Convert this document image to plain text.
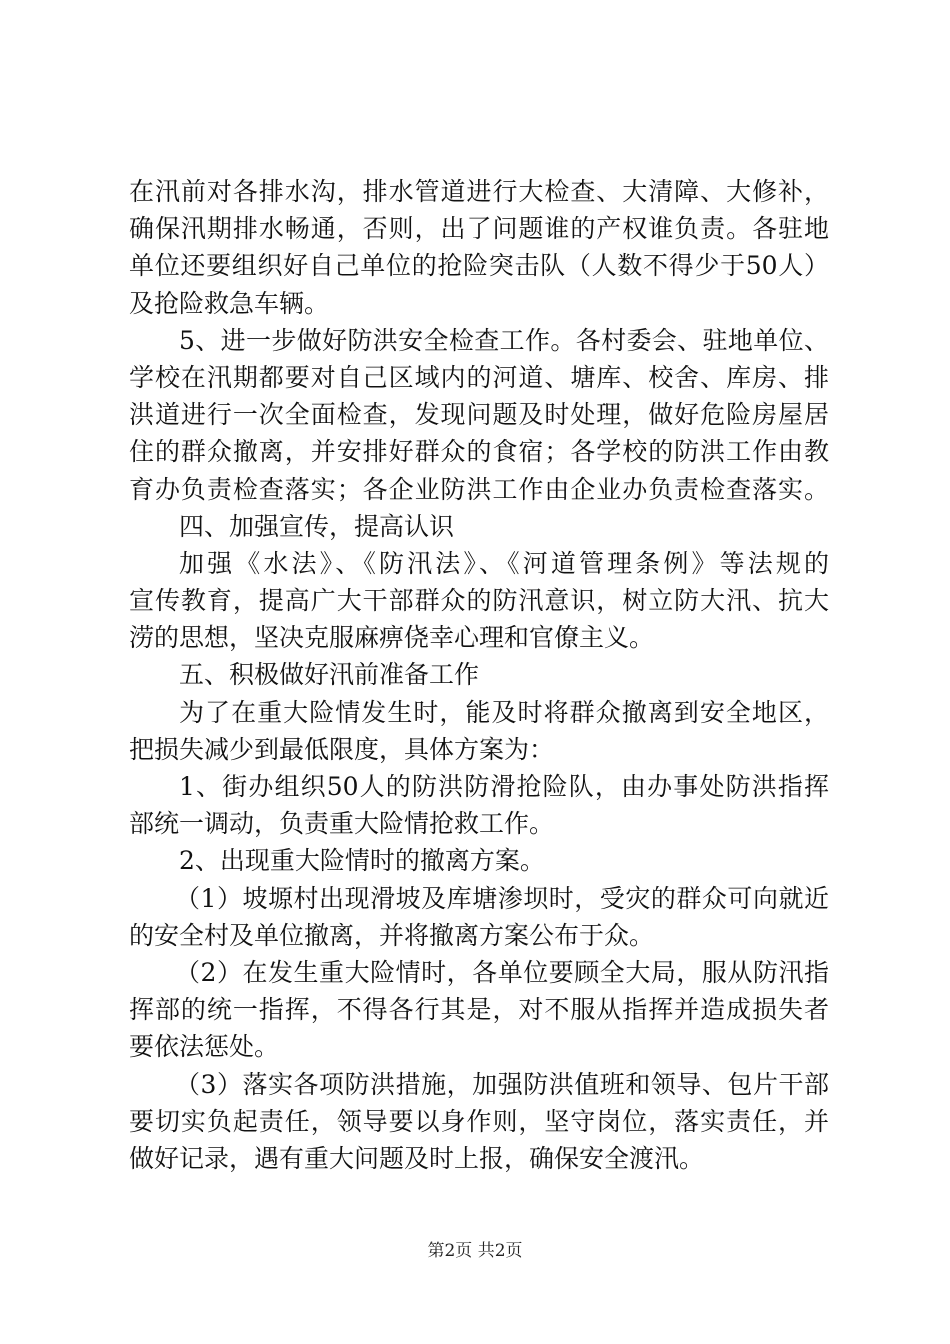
在汛前对各排水沟，排水管道进行大检查、大清障、大修补，
确保汛期排水畅通，否则，出了问题谁的产权谁负责。各驻地
单位还要组织好自己单位的抢险突击队（人数不得少于50人）
及抢险救急车辆。
5、进一步做好防洪安全检查工作。各村委会、驻地单位、
学校在汛期都要对自己区域内的河道、塘库、校舍、库房、排
洪道进行一次全面检查，发现问题及时处理，做好危险房屋居
住的群众撤离，并安排好群众的食宿；各学校的防洪工作由教
育办负责检查落实；各企业防洪工作由企业办负责检查落实。
四、加强宣传，提高认识
加强《水法》、《防汛法》、《河道管理条例》等法规的
宣传教育，提高广大干部群众的防汛意识，树立防大汛、抗大
涝的思想，坚决克服麻痹侥幸心理和官僚主义。
五、积极做好汛前准备工作
为了在重大险情发生时，能及时将群众撤离到安全地区，
把损失减少到最低限度，具体方案为：
1、街办组织50人的防洪防滑抢险队，由办事处防洪指挥
部统一调动，负责重大险情抢救工作。
2、出现重大险情时的撤离方案。
（1）坡塬村出现滑坡及库塘渗坝时，受灾的群众可向就近
的安全村及单位撤离，并将撤离方案公布于众。
（2）在发生重大险情时，各单位要顾全大局，服从防汛指
挥部的统一指挥，不得各行其是，对不服从指挥并造成损失者
要依法惩处。
（3）落实各项防洪措施，加强防洪值班和领导、包片干部
要切实负起责任，领导要以身作则，坚守岗位，落实责任，并
做好记录，遇有重大问题及时上报，确保安全渡汛。
第2页 共2页
